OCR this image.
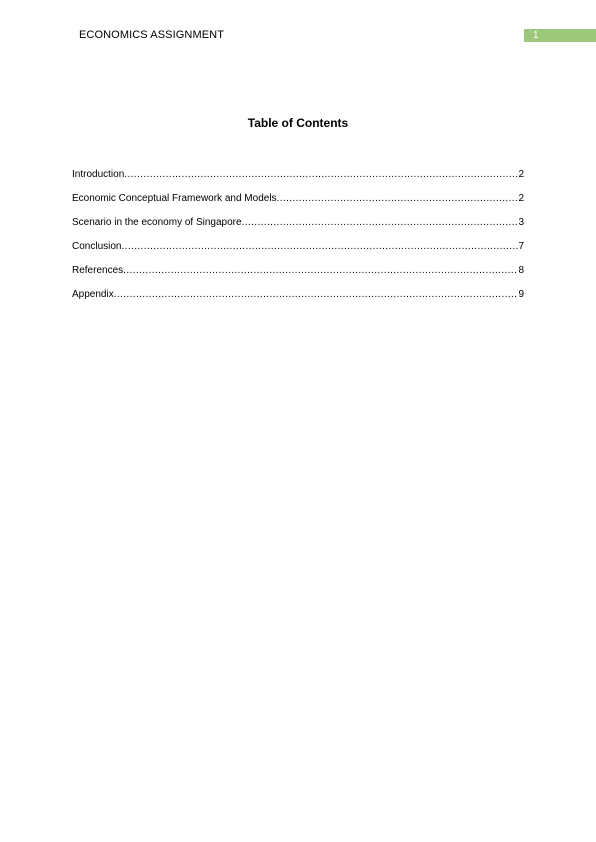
ECONOMICS ASSIGNMENT	1
Table of Contents
Introduction .....	2
Economic Conceptual Framework and Models .....	2
Scenario in the economy of Singapore .....	3
Conclusion .....	7
References .....	8
Appendix .....	9
